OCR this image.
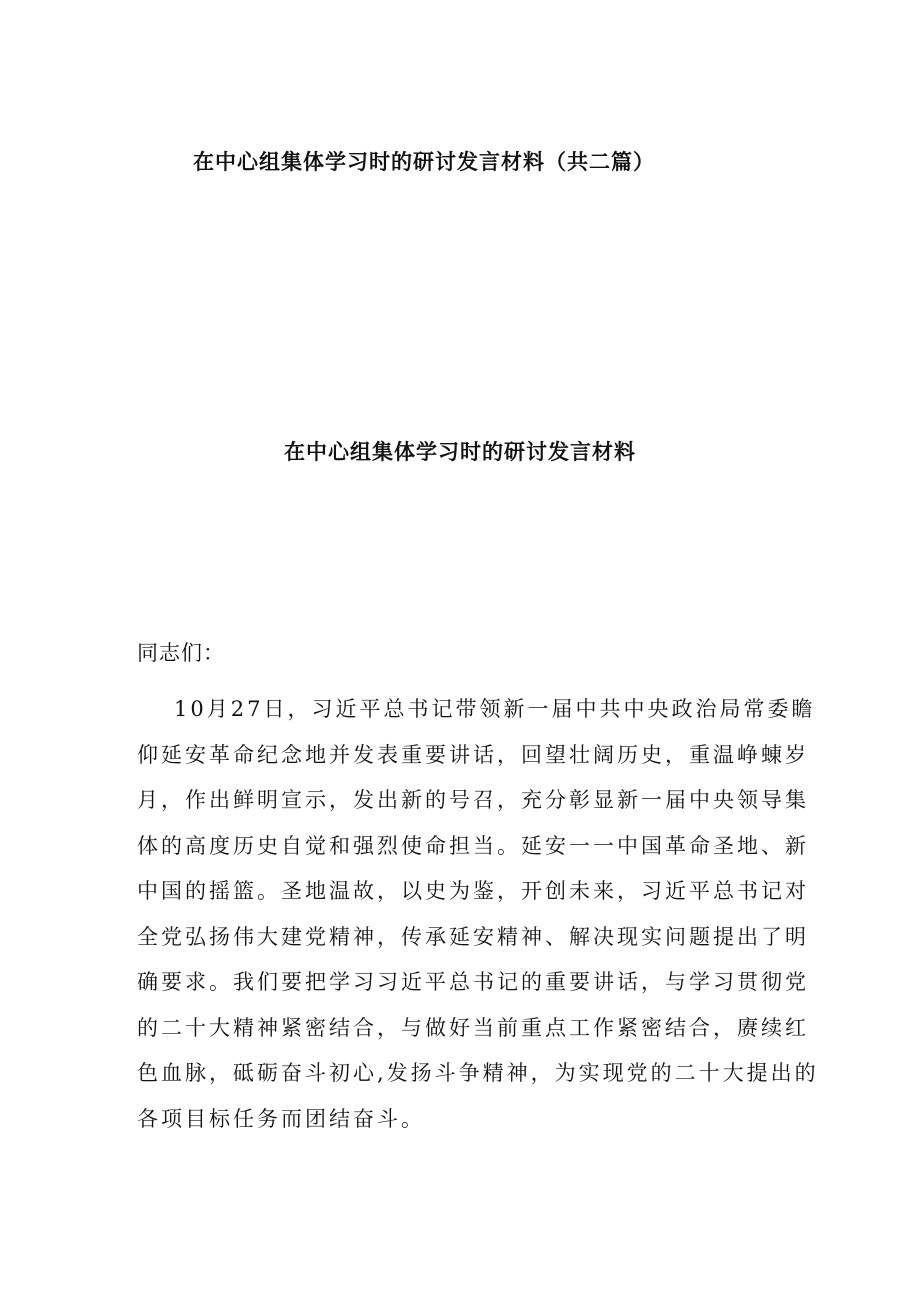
在中心组集体学习时的研讨发言材料（共二篇）
在中心组集体学习时的研讨发言材料
同志们：
10月27日，习近平总书记带领新一届中共中央政治局常委瞻
仰延安革命纪念地并发表重要讲话，回望壮阔历史，重温峥蝀岁
月，作出鲜明宣示，发出新的号召，充分彰显新一届中央领导集
体的高度历史自觉和强烈使命担当。延安一一中国革命圣地、新
中国的摇篮。圣地温故，以史为鉴，开创未来，习近平总书记对
全党弘扬伟大建党精神，传承延安精神、解决现实问题提出了明
确要求。我们要把学习习近平总书记的重要讲话，与学习贯彻党
的二十大精神紧密结合，与做好当前重点工作紧密结合，赓续红
色血脉，砥砺奋斗初心,发扬斗争精神，为实现党的二十大提出的
各项目标任务而团结奋斗。
